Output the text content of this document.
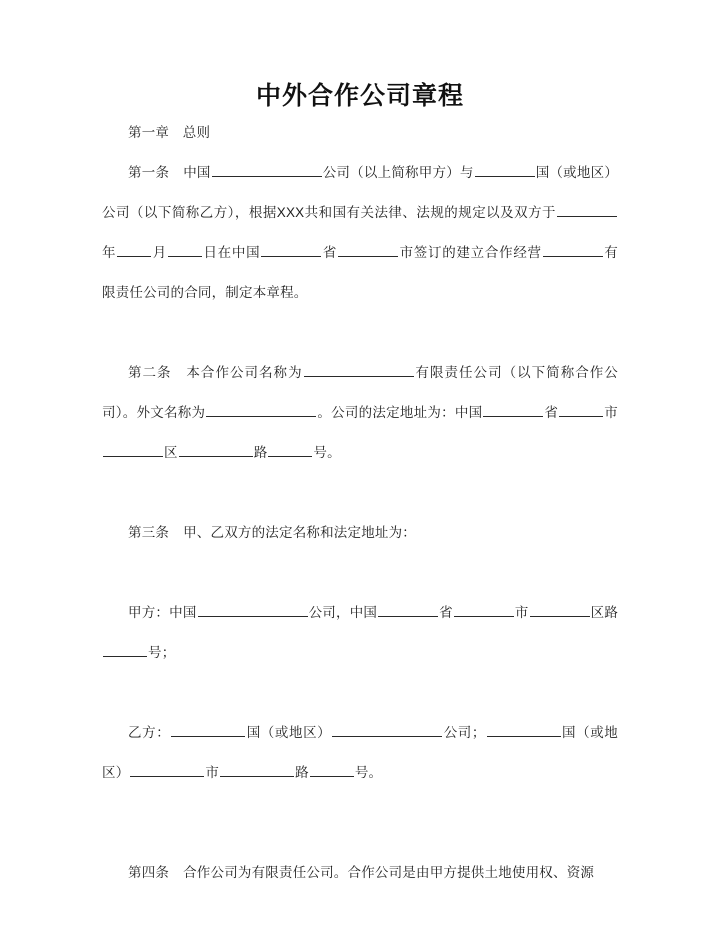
中外合作公司章程

第一章　总则

第一条 中国	公司（以上简称甲方）与	国（或地区）公司（以下简称乙方），根据XXX共和国有关法律、法规的规定以及双方于年	月	日在中国	省	市签订的建立合作经营	有限责任公司的合同，制定本章程。

第二条 本合作公司名称为	有限责任公司（以下简称合作公司）。外文名称为	。公司的法定地址为：中国	省	市区	路	号。

第三条 甲、乙双方的法定名称和法定地址为：

甲方：中国	公司，中国	省	市	区路号；

乙方：	国（或地区）	公司；	国（或地区）	市	路	号。

第四条 合作公司为有限责任公司。合作公司是由甲方提供土地使用权、资源
